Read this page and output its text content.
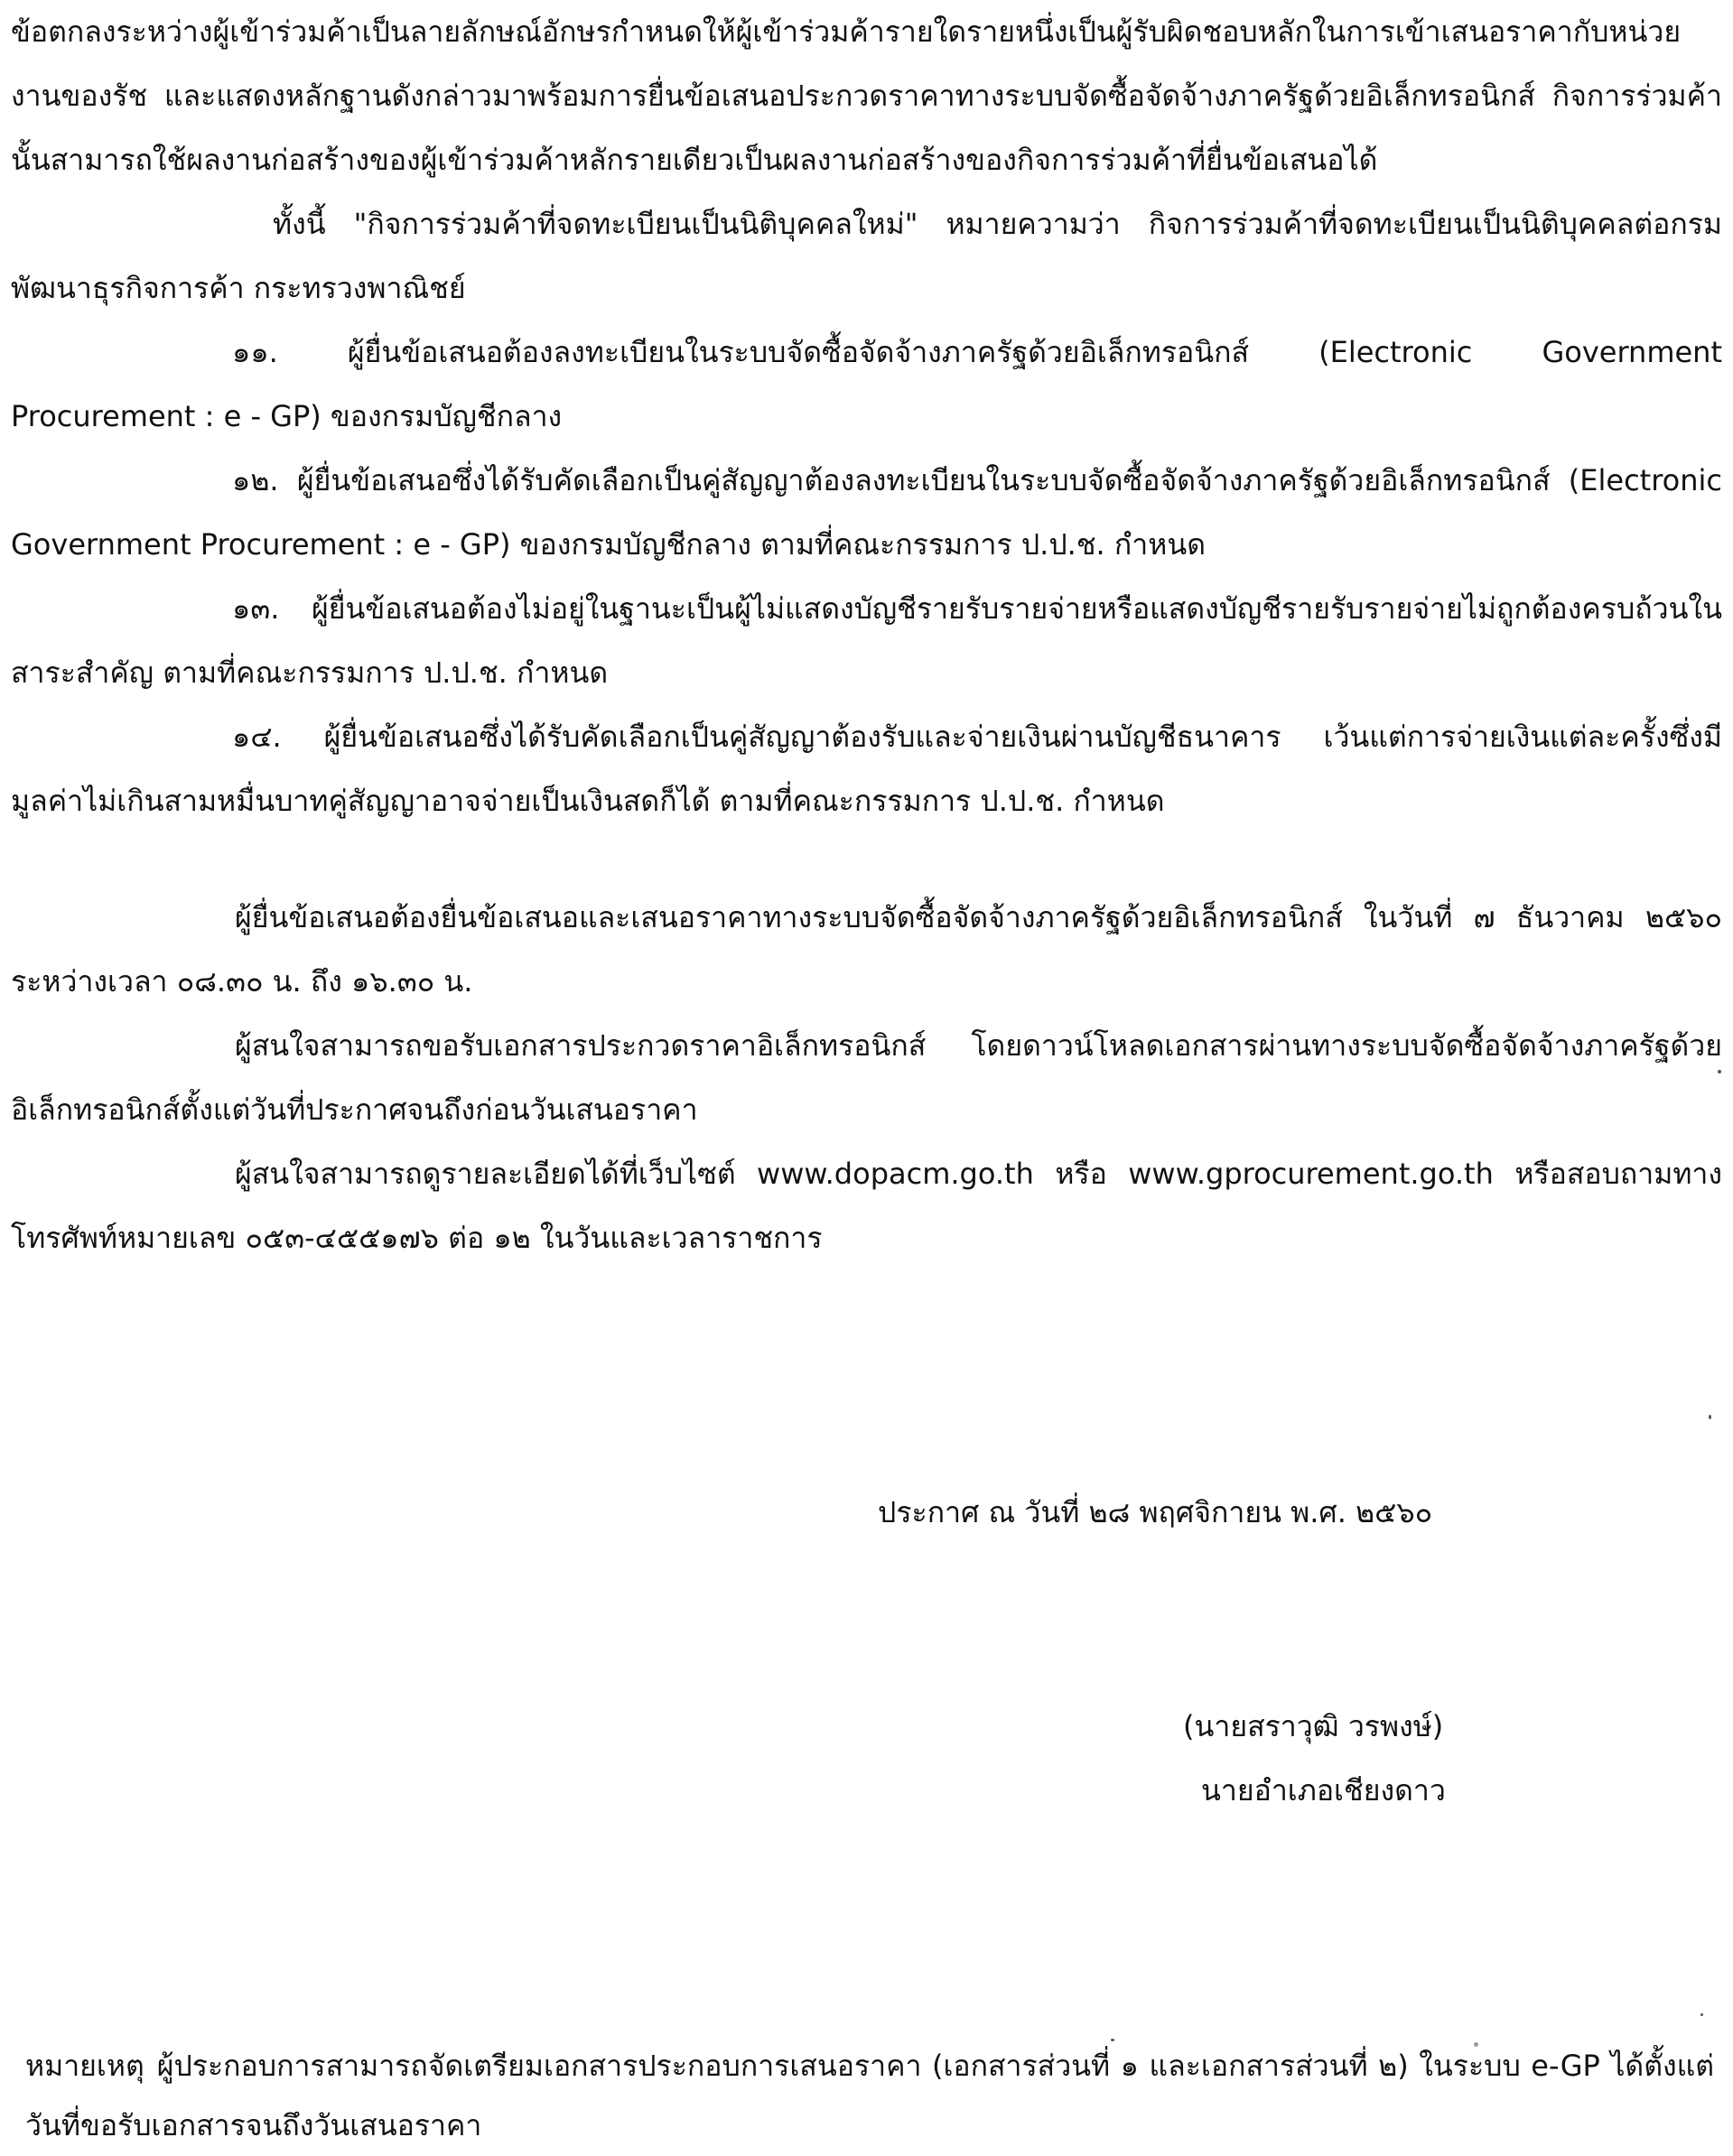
ข้อตกลงระหว่างผู้เข้าร่วมค้าเป็นลายลักษณ์อักษรกำหนดให้ผู้เข้าร่วมค้ารายใดรายหนึ่งเป็นผู้รับผิดชอบหลักในการเข้าเสนอราคากับหน่วยงานของรัช และแสดงหลักฐานดังกล่าวมาพร้อมการยื่นข้อเสนอประกวดราคาทางระบบจัดซื้อจัดจ้างภาครัฐด้วยอิเล็กทรอนิกส์ กิจการร่วมค้านั้นสามารถใช้ผลงานก่อสร้างของผู้เข้าร่วมค้าหลักรายเดียวเป็นผลงานก่อสร้างของกิจการร่วมค้าที่ยื่นข้อเสนอได้

ทั้งนี้ "กิจการร่วมค้าที่จดทะเบียนเป็นนิติบุคคลใหม่" หมายความว่า กิจการร่วมค้าที่จดทะเบียนเป็นนิติบุคคลต่อกรมพัฒนาธุรกิจการค้า กระทรวงพาณิชย์

๑๑. ผู้ยื่นข้อเสนอต้องลงทะเบียนในระบบจัดซื้อจัดจ้างภาครัฐด้วยอิเล็กทรอนิกส์ (Electronic Government Procurement : e - GP) ของกรมบัญชีกลาง

๑๒. ผู้ยื่นข้อเสนอซึ่งได้รับคัดเลือกเป็นคู่สัญญาต้องลงทะเบียนในระบบจัดซื้อจัดจ้างภาครัฐด้วยอิเล็กทรอนิกส์ (Electronic Government Procurement : e - GP) ของกรมบัญชีกลาง ตามที่คณะกรรมการ ป.ป.ช. กำหนด

๑๓. ผู้ยื่นข้อเสนอต้องไม่อยู่ในฐานะเป็นผู้ไม่แสดงบัญชีรายรับรายจ่ายหรือแสดงบัญชีรายรับรายจ่ายไม่ถูกต้องครบถ้วนในสาระสำคัญ ตามที่คณะกรรมการ ป.ป.ช. กำหนด

๑๔. ผู้ยื่นข้อเสนอซึ่งได้รับคัดเลือกเป็นคู่สัญญาต้องรับและจ่ายเงินผ่านบัญชีธนาคาร เว้นแต่การจ่ายเงินแต่ละครั้งซึ่งมีมูลค่าไม่เกินสามหมื่นบาทคู่สัญญาอาจจ่ายเป็นเงินสดก็ได้ ตามที่คณะกรรมการ ป.ป.ช. กำหนด

ผู้ยื่นข้อเสนอต้องยื่นข้อเสนอและเสนอราคาทางระบบจัดซื้อจัดจ้างภาครัฐด้วยอิเล็กทรอนิกส์ ในวันที่ ๗ ธันวาคม ๒๕๖๐ ระหว่างเวลา ๐๘.๓๐ น. ถึง ๑๖.๓๐ น.

ผู้สนใจสามารถขอรับเอกสารประกวดราคาอิเล็กทรอนิกส์ โดยดาวน์โหลดเอกสารผ่านทางระบบจัดซื้อจัดจ้างภาครัฐด้วยอิเล็กทรอนิกส์ตั้งแต่วันที่ประกาศจนถึงก่อนวันเสนอราคา

ผู้สนใจสามารถดูรายละเอียดได้ที่เว็บไซต์ www.dopacm.go.th หรือ www.gprocurement.go.th หรือสอบถามทางโทรศัพท์หมายเลข ๐๕๓-๔๕๕๑๗๖ ต่อ ๑๒ ในวันและเวลาราชการ

ประกาศ ณ วันที่ ๒๘ พฤศจิกายน พ.ศ. ๒๕๖๐
(นายสราวุฒิ วรพงษ์)
นายอำเภอเชียงดาว
หมายเหตุ ผู้ประกอบการสามารถจัดเตรียมเอกสารประกอบการเสนอราคา (เอกสารส่วนที่ ๑ และเอกสารส่วนที่ ๒) ในระบบ e-GP ได้ตั้งแต่วันที่ขอรับเอกสารจนถึงวันเสนอราคา
